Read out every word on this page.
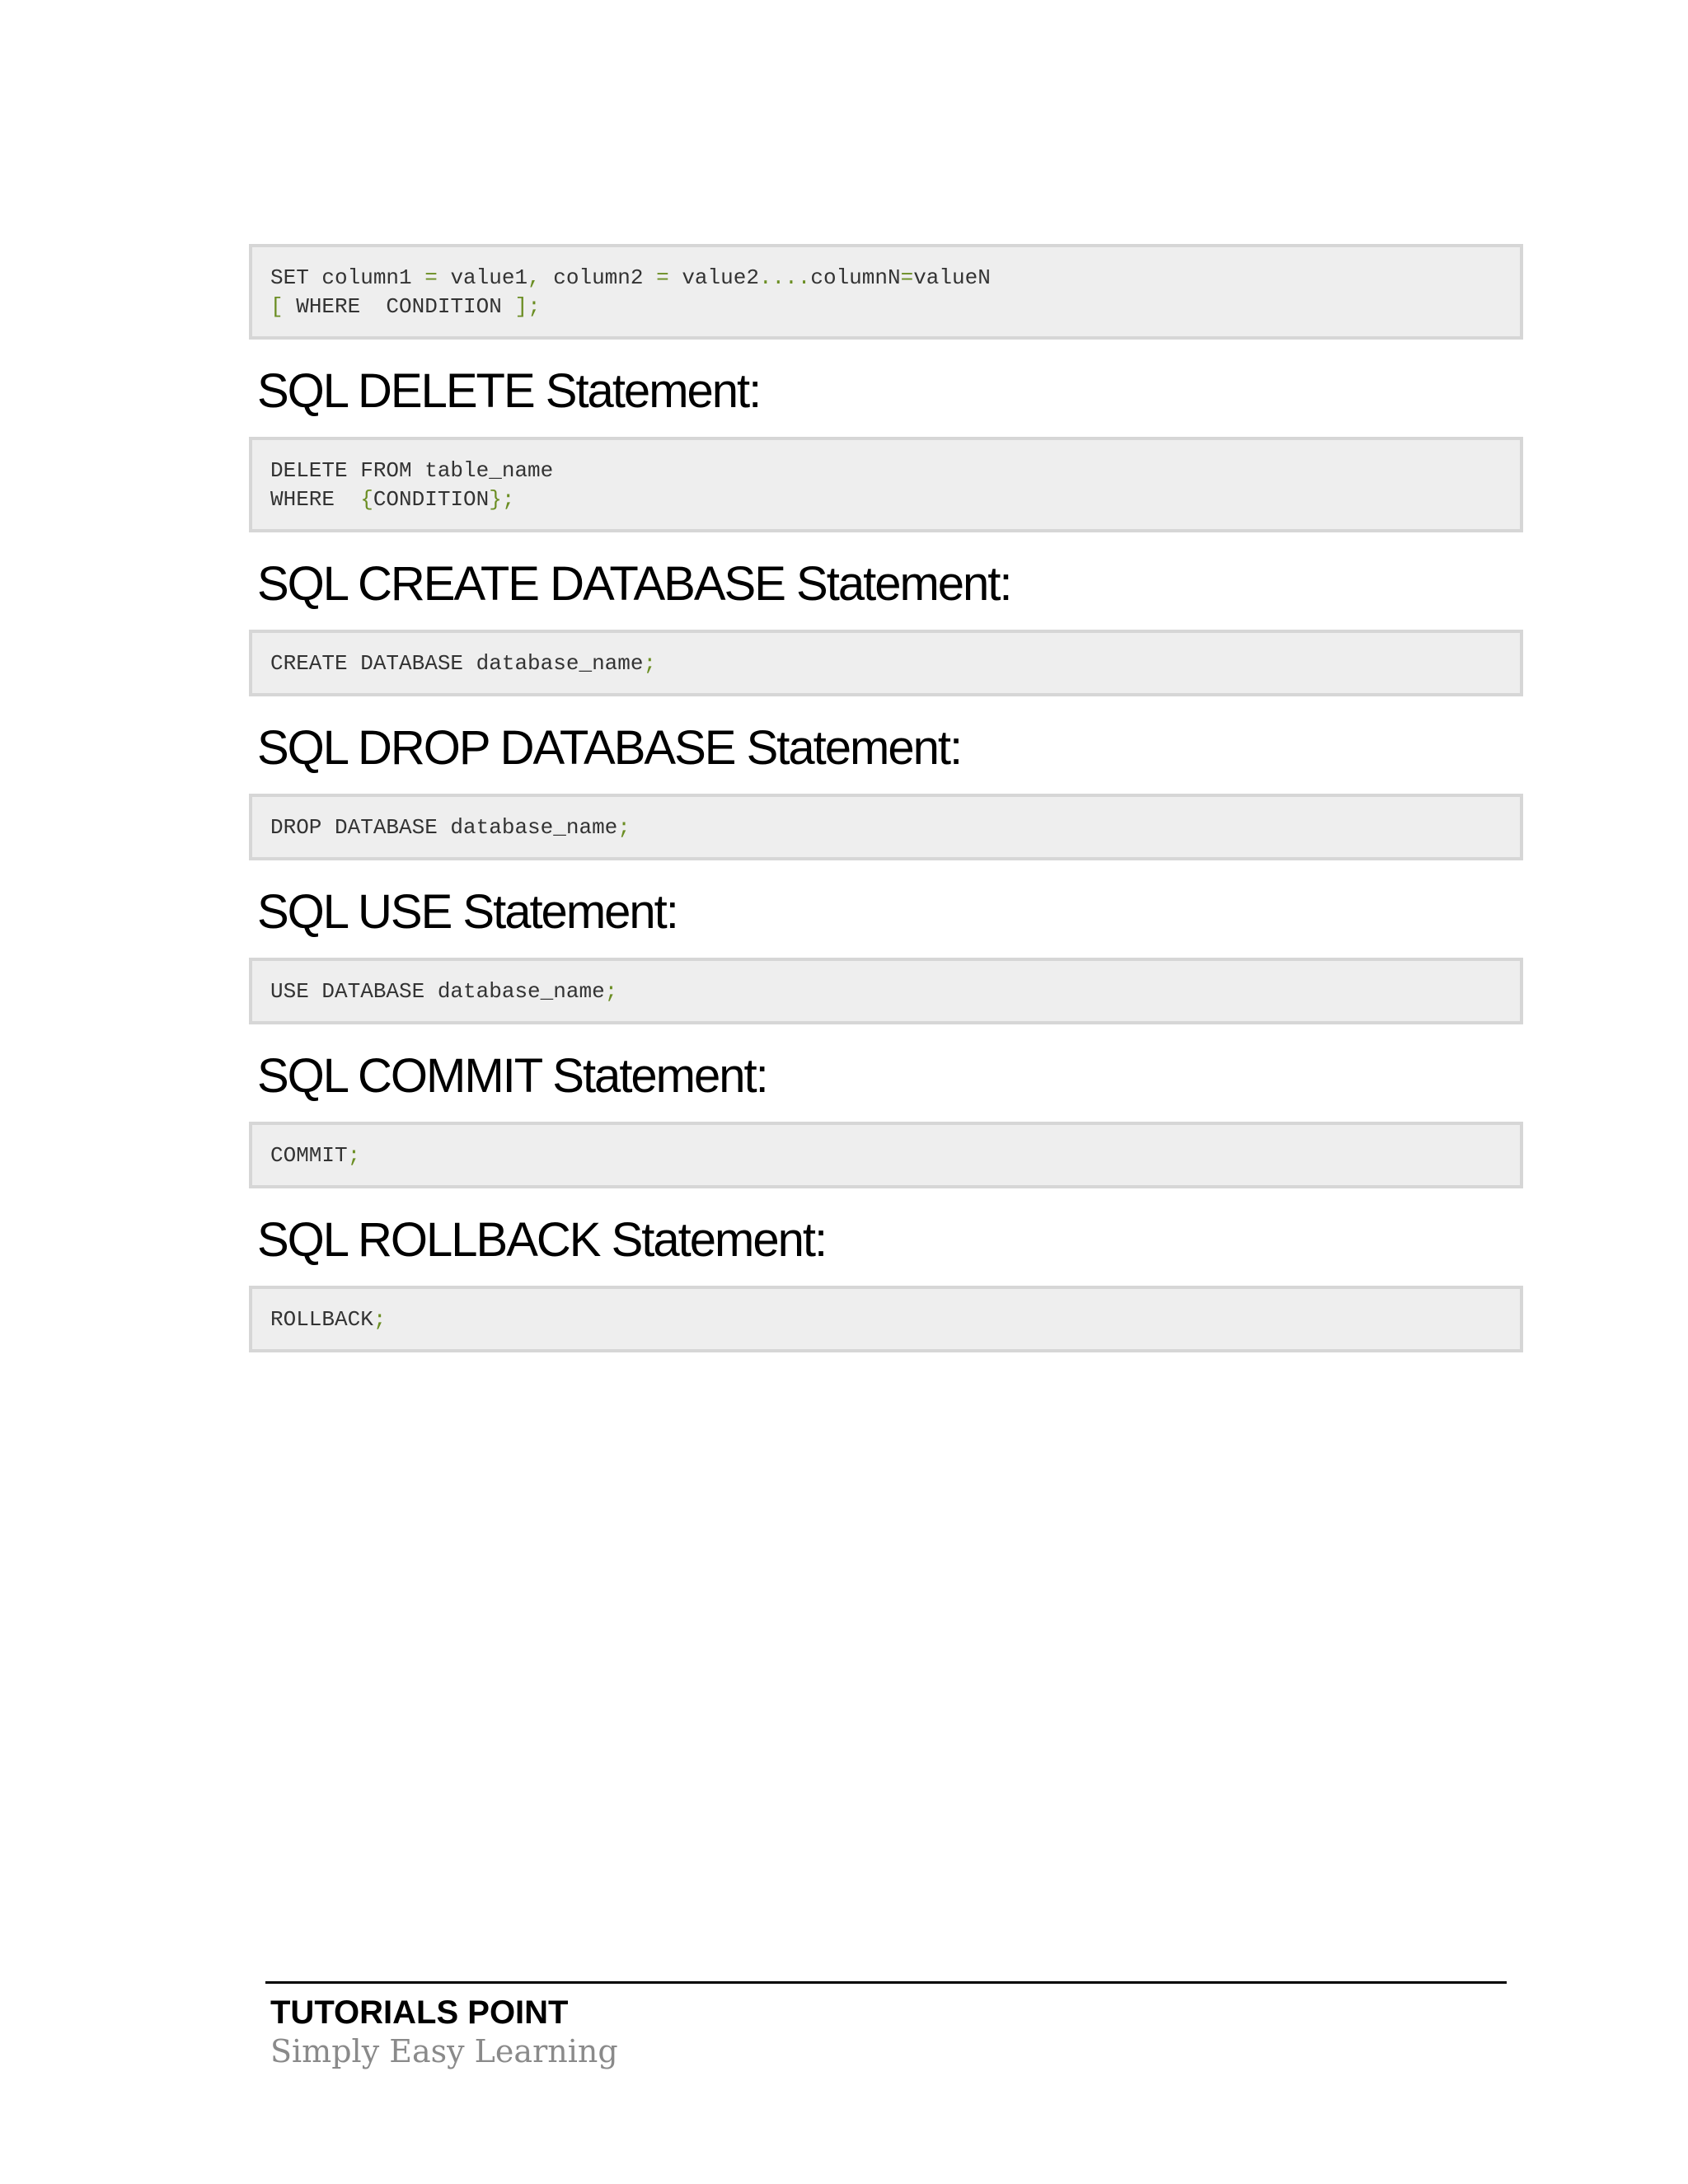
SET column1 = value1, column2 = value2....columnN=valueN
[ WHERE  CONDITION ];
SQL DELETE Statement:
DELETE FROM table_name
WHERE  {CONDITION};
SQL CREATE DATABASE Statement:
CREATE DATABASE database_name;
SQL DROP DATABASE Statement:
DROP DATABASE database_name;
SQL USE Statement:
USE DATABASE database_name;
SQL COMMIT Statement:
COMMIT;
SQL ROLLBACK Statement:
ROLLBACK;
TUTORIALS POINT
Simply Easy Learning
